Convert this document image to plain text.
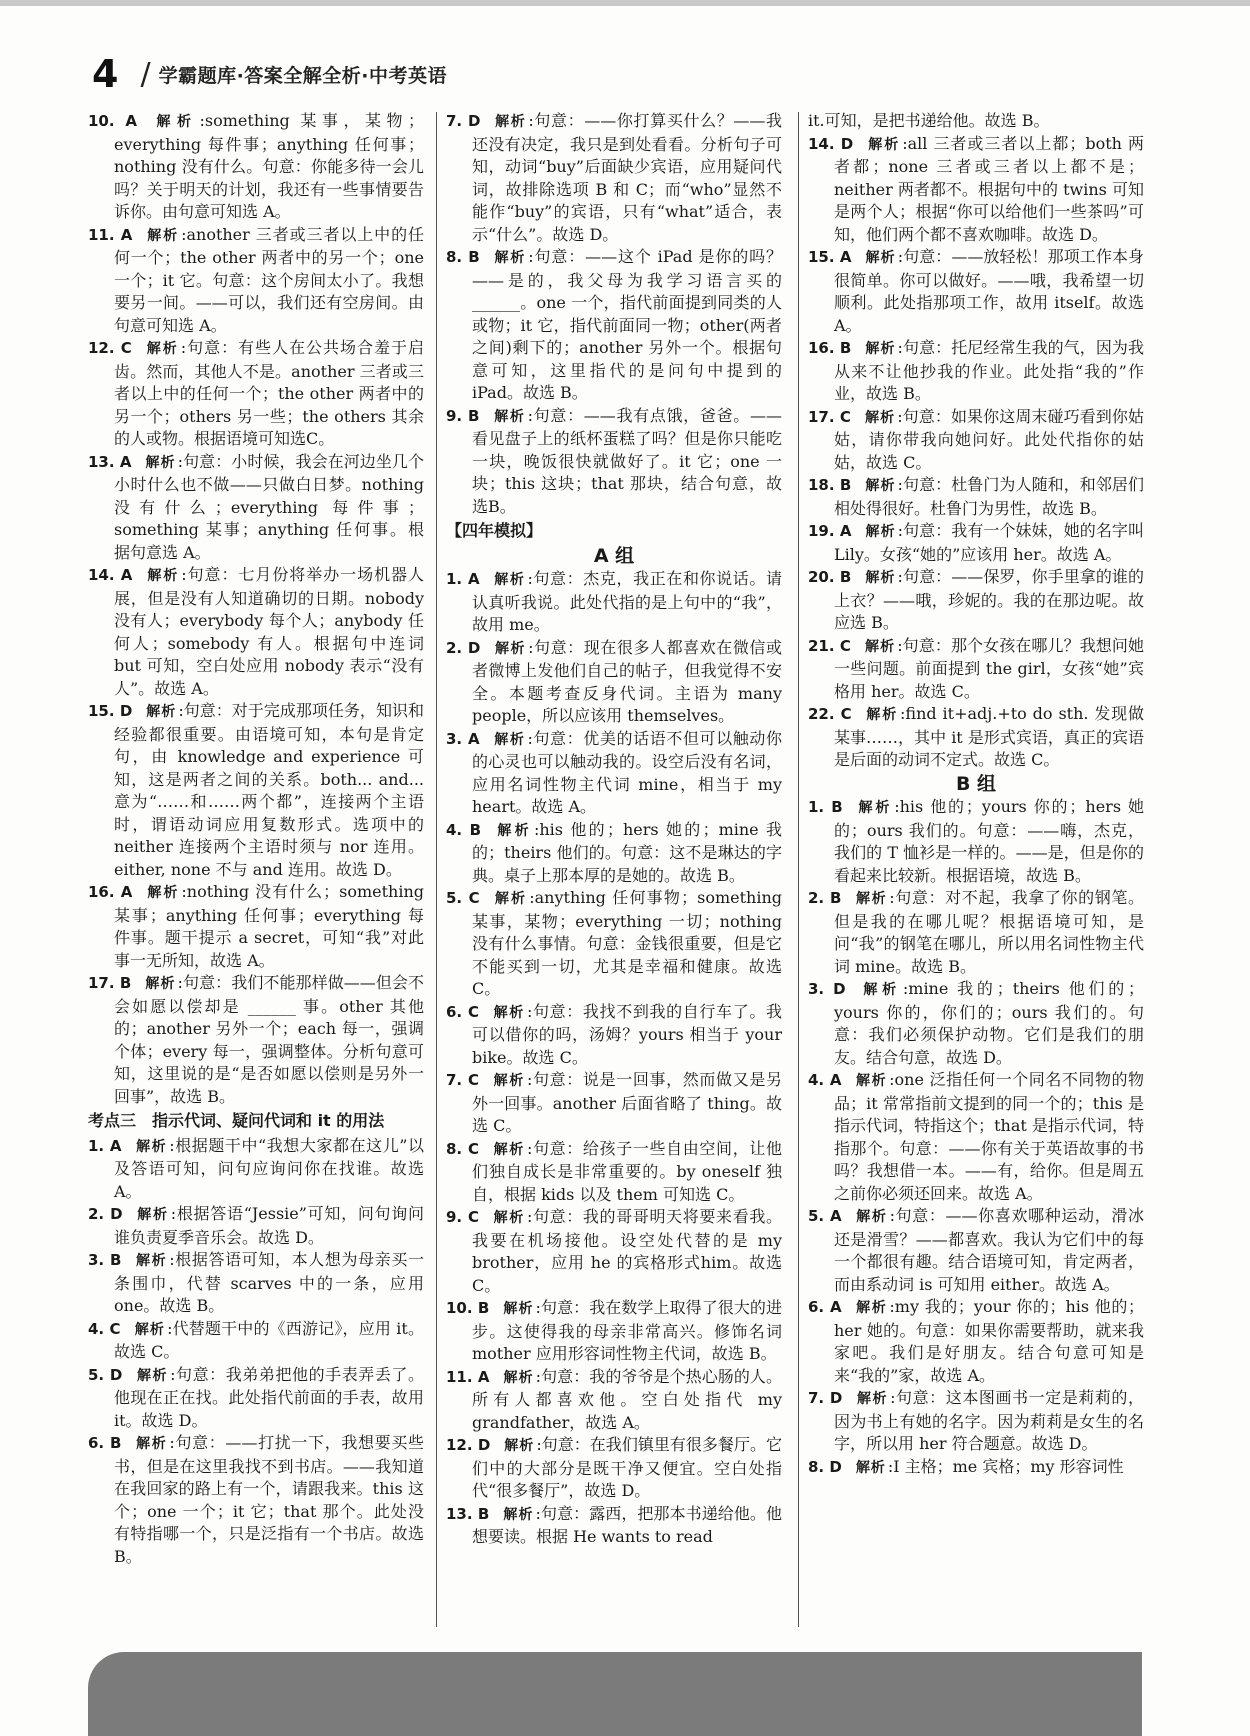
4 / 学霸题库·答案全解全析·中考英语

10. A 解析 :something 某事，某物；everything 每件事；anything 任何事；nothing 没有什么。句意：你能多待一会儿吗？关于明天的计划，我还有一些事情要告诉你。由句意可知选 A。

11. A 解析 :another 三者或三者以上中的任何一个；the other 两者中的另一个；one 一个；it 它。句意：这个房间太小了。我想要另一间。——可以，我们还有空房间。由句意可知选 A。

12. C 解析 :句意：有些人在公共场合羞于启齿。然而，其他人不是。another 三者或三者以上中的任何一个；the other 两者中的另一个；others 另一些；the others 其余的人或物。根据语境可知选C。

13. A 解析 :句意：小时候，我会在河边坐几个小时什么也不做——只做白日梦。nothing 没有什么；everything 每件事；something 某事；anything 任何事。根据句意选 A。

14. A 解析 :句意：七月份将举办一场机器人展，但是没有人知道确切的日期。nobody 没有人；everybody 每个人；anybody 任何人；somebody 有人。根据句中连词 but 可知，空白处应用 nobody 表示“没有人”。故选 A。

15. D 解析 :句意：对于完成那项任务，知识和经验都很重要。由语境可知，本句是肯定句，由 knowledge and experience 可知，这是两者之间的关系。both... and...意为“……和……两个都”，连接两个主语时，谓语动词应用复数形式。选项中的 neither 连接两个主语时须与 nor 连用。either, none 不与 and 连用。故选 D。

16. A 解析 :nothing 没有什么；something 某事；anything 任何事；everything 每件事。题干提示 a secret，可知“我”对此事一无所知，故选 A。

17. B 解析 :句意：我们不能那样做——但会不会如愿以偿却是 ______ 事。other 其他的；another 另外一个；each 每一，强调个体；every 每一，强调整体。分析句意可知，这里说的是“是否如愿以偿则是另外一回事”，故选 B。

考点三　指示代词、疑问代词和 it 的用法

1. A 解析 :根据题干中“我想大家都在这儿”以及答语可知，问句应询问你在找谁。故选 A。

2. D 解析 :根据答语“Jessie”可知，问句询问谁负责夏季音乐会。故选 D。

3. B 解析 :根据答语可知，本人想为母亲买一条围巾，代替 scarves 中的一条，应用 one。故选 B。

4. C 解析 :代替题干中的《西游记》，应用 it。故选 C。

5. D 解析 :句意：我弟弟把他的手表弄丢了。他现在正在找。此处指代前面的手表，故用 it。故选 D。

6. B 解析 :句意：——打扰一下，我想要买些书，但是在这里我找不到书店。——我知道在我回家的路上有一个，请跟我来。this 这个；one 一个；it 它；that 那个。此处没有特指哪一个，只是泛指有一个书店。故选 B。

7. D 解析 :句意：——你打算买什么？——我还没有决定，我只是到处看看。分析句子可知，动词“buy”后面缺少宾语，应用疑问代词，故排除选项 B 和 C；而“who”显然不能作“buy”的宾语，只有“what”适合，表示“什么”。故选 D。

8. B 解析 :句意：——这个 iPad 是你的吗？——是的，我父母为我学习语言买的 ______。one 一个，指代前面提到同类的人或物；it 它，指代前面同一物；other(两者之间)剩下的；another 另外一个。根据句意可知，这里指代的是问句中提到的 iPad。故选 B。

9. B 解析 :句意：——我有点饿，爸爸。——看见盘子上的纸杯蛋糕了吗？但是你只能吃一块，晚饭很快就做好了。it 它；one 一块；this 这块；that 那块，结合句意，故选B。

【四年模拟】
A 组

1. A 解析 :句意：杰克，我正在和你说话。请认真听我说。此处代指的是上句中的“我”，故用 me。

2. D 解析 :句意：现在很多人都喜欢在微信或者微博上发他们自己的帖子，但我觉得不安全。本题考查反身代词。主语为 many people，所以应该用 themselves。

3. A 解析 :句意：优美的话语不但可以触动你的心灵也可以触动我的。设空后没有名词，应用名词性物主代词 mine，相当于 my heart。故选 A。

4. B 解析 :his 他的；hers 她的；mine 我的；theirs 他们的。句意：这不是琳达的字典。桌子上那本厚的是她的。故选 B。

5. C 解析 :anything 任何事物；something 某事，某物；everything 一切；nothing 没有什么事情。句意：金钱很重要，但是它不能买到一切，尤其是幸福和健康。故选 C。

6. C 解析 :句意：我找不到我的自行车了。我可以借你的吗，汤姆？yours 相当于 your bike。故选 C。

7. C 解析 :句意：说是一回事，然而做又是另外一回事。another 后面省略了 thing。故选 C。

8. C 解析 :句意：给孩子一些自由空间，让他们独自成长是非常重要的。by oneself 独自，根据 kids 以及 them 可知选 C。

9. C 解析 :句意：我的哥哥明天将要来看我。我要在机场接他。设空处代替的是 my brother，应用 he 的宾格形式him。故选 C。

10. B 解析 :句意：我在数学上取得了很大的进步。这使得我的母亲非常高兴。修饰名词 mother 应用形容词性物主代词，故选 B。

11. A 解析 :句意：我的爷爷是个热心肠的人。所有人都喜欢他。空白处指代 my grandfather，故选 A。

12. D 解析 :句意：在我们镇里有很多餐厅。它们中的大部分是既干净又便宜。空白处指代“很多餐厅”，故选 D。

13. B 解析 :句意：露西，把那本书递给他。他想要读。根据 He wants to read

it.可知，是把书递给他。故选 B。

14. D 解析 :all 三者或三者以上都；both 两者都；none 三者或三者以上都不是；neither 两者都不。根据句中的 twins 可知是两个人；根据“你可以给他们一些茶吗”可知，他们两个都不喜欢咖啡。故选 D。

15. A 解析 :句意：——放轻松！那项工作本身很简单。你可以做好。——哦，我希望一切顺利。此处指那项工作，故用 itself。故选 A。

16. B 解析 :句意：托尼经常生我的气，因为我从来不让他抄我的作业。此处指“我的”作业，故选 B。

17. C 解析 :句意：如果你这周末碰巧看到你姑姑，请你带我向她问好。此处代指你的姑姑，故选 C。

18. B 解析 :句意：杜鲁门为人随和，和邻居们相处得很好。杜鲁门为男性，故选 B。

19. A 解析 :句意：我有一个妹妹，她的名字叫 Lily。女孩“她的”应该用 her。故选 A。

20. B 解析 :句意：——保罗，你手里拿的谁的上衣？——哦，珍妮的。我的在那边呢。故应选 B。

21. C 解析 :句意：那个女孩在哪儿？我想问她一些问题。前面提到 the girl，女孩“她”宾格用 her。故选 C。

22. C 解析 :find it+adj.+to do sth. 发现做某事……，其中 it 是形式宾语，真正的宾语是后面的动词不定式。故选 C。

B 组

1. B 解析 :his 他的；yours 你的；hers 她的；ours 我们的。句意：——嗨，杰克，我们的 T 恤衫是一样的。——是，但是你的看起来比较新。根据语境，故选 B。

2. B 解析 :句意：对不起，我拿了你的钢笔。但是我的在哪儿呢？根据语境可知，是问“我”的钢笔在哪儿，所以用名词性物主代词 mine。故选 B。

3. D 解析 :mine 我的；theirs 他们的；yours 你的，你们的；ours 我们的。句意：我们必须保护动物。它们是我们的朋友。结合句意，故选 D。

4. A 解析 :one 泛指任何一个同名不同物的物品；it 常常指前文提到的同一个的；this 是指示代词，特指这个；that 是指示代词，特指那个。句意：——你有关于英语故事的书吗？我想借一本。——有，给你。但是周五之前你必须还回来。故选 A。

5. A 解析 :句意：——你喜欢哪种运动，滑冰还是滑雪？——都喜欢。我认为它们中的每一个都很有趣。结合语境可知，肯定两者，而由系动词 is 可知用 either。故选 A。

6. A 解析 :my 我的；your 你的；his 他的；her 她的。句意：如果你需要帮助，就来我家吧。我们是好朋友。结合句意可知是来“我的”家，故选 A。

7. D 解析 :句意：这本图画书一定是莉莉的，因为书上有她的名字。因为莉莉是女生的名字，所以用 her 符合题意。故选 D。

8. D 解析 :I 主格；me 宾格；my 形容词性
